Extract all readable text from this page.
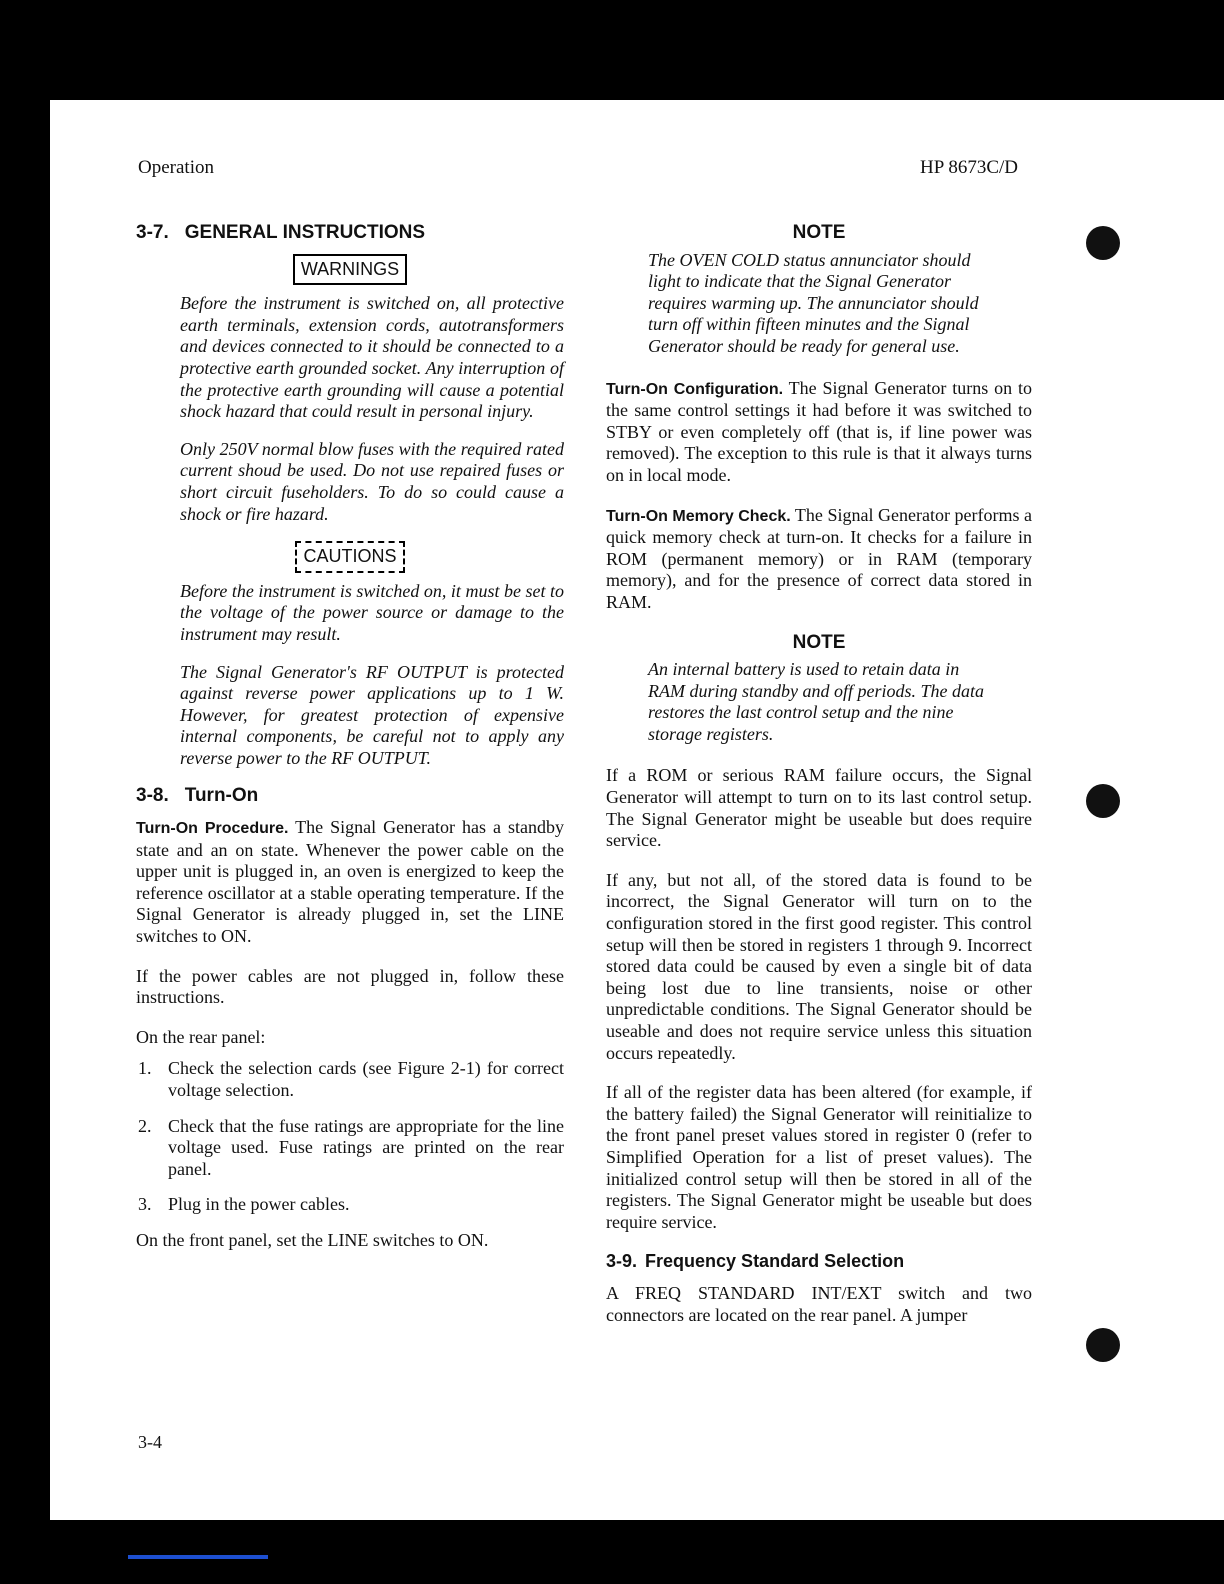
Operation	HP 8673C/D
3-7. GENERAL INSTRUCTIONS
WARNINGS
Before the instrument is switched on, all protective earth terminals, extension cords, autotransformers and devices connected to it should be connected to a protective earth grounded socket. Any interruption of the protective earth grounding will cause a potential shock hazard that could result in personal injury.
Only 250V normal blow fuses with the required rated current shoud be used. Do not use repaired fuses or short circuit fuseholders. To do so could cause a shock or fire hazard.
CAUTIONS
Before the instrument is switched on, it must be set to the voltage of the power source or damage to the instrument may result.
The Signal Generator's RF OUTPUT is protected against reverse power applications up to 1 W. However, for greatest protection of expensive internal components, be careful not to apply any reverse power to the RF OUTPUT.
3-8. Turn-On

Turn-On Procedure. The Signal Generator has a standby state and an on state. Whenever the power cable on the upper unit is plugged in, an oven is energized to keep the reference oscillator at a stable operating temperature. If the Signal Generator is already plugged in, set the LINE switches to ON.

If the power cables are not plugged in, follow these instructions.

On the rear panel:

1. Check the selection cards (see Figure 2-1) for correct voltage selection.
2. Check that the fuse ratings are appropriate for the line voltage used. Fuse ratings are printed on the rear panel.
3. Plug in the power cables.

On the front panel, set the LINE switches to ON.

NOTE
The OVEN COLD status annunciator should light to indicate that the Signal Generator requires warming up. The annunciator should turn off within fifteen minutes and the Signal Generator should be ready for general use.

Turn-On Configuration. The Signal Generator turns on to the same control settings it had before it was switched to STBY or even completely off (that is, if line power was removed). The exception to this rule is that it always turns on in local mode.

Turn-On Memory Check. The Signal Generator performs a quick memory check at turn-on. It checks for a failure in ROM (permanent memory) or in RAM (temporary memory), and for the presence of correct data stored in RAM.

NOTE
An internal battery is used to retain data in RAM during standby and off periods. The data restores the last control setup and the nine storage registers.

If a ROM or serious RAM failure occurs, the Signal Generator will attempt to turn on to its last control setup. The Signal Generator might be useable but does require service.

If any, but not all, of the stored data is found to be incorrect, the Signal Generator will turn on to the configuration stored in the first good register. This control setup will then be stored in registers 1 through 9. Incorrect stored data could be caused by even a single bit of data being lost due to line transients, noise or other unpredictable conditions. The Signal Generator should be useable and does not require service unless this situation occurs repeatedly.

If all of the register data has been altered (for example, if the battery failed) the Signal Generator will reinitialize to the front panel preset values stored in register 0 (refer to Simplified Operation for a list of preset values). The initialized control setup will then be stored in all of the registers. The Signal Generator might be useable but does require service.

3-9. Frequency Standard Selection

A FREQ STANDARD INT/EXT switch and two connectors are located on the rear panel. A jumper

3-4
